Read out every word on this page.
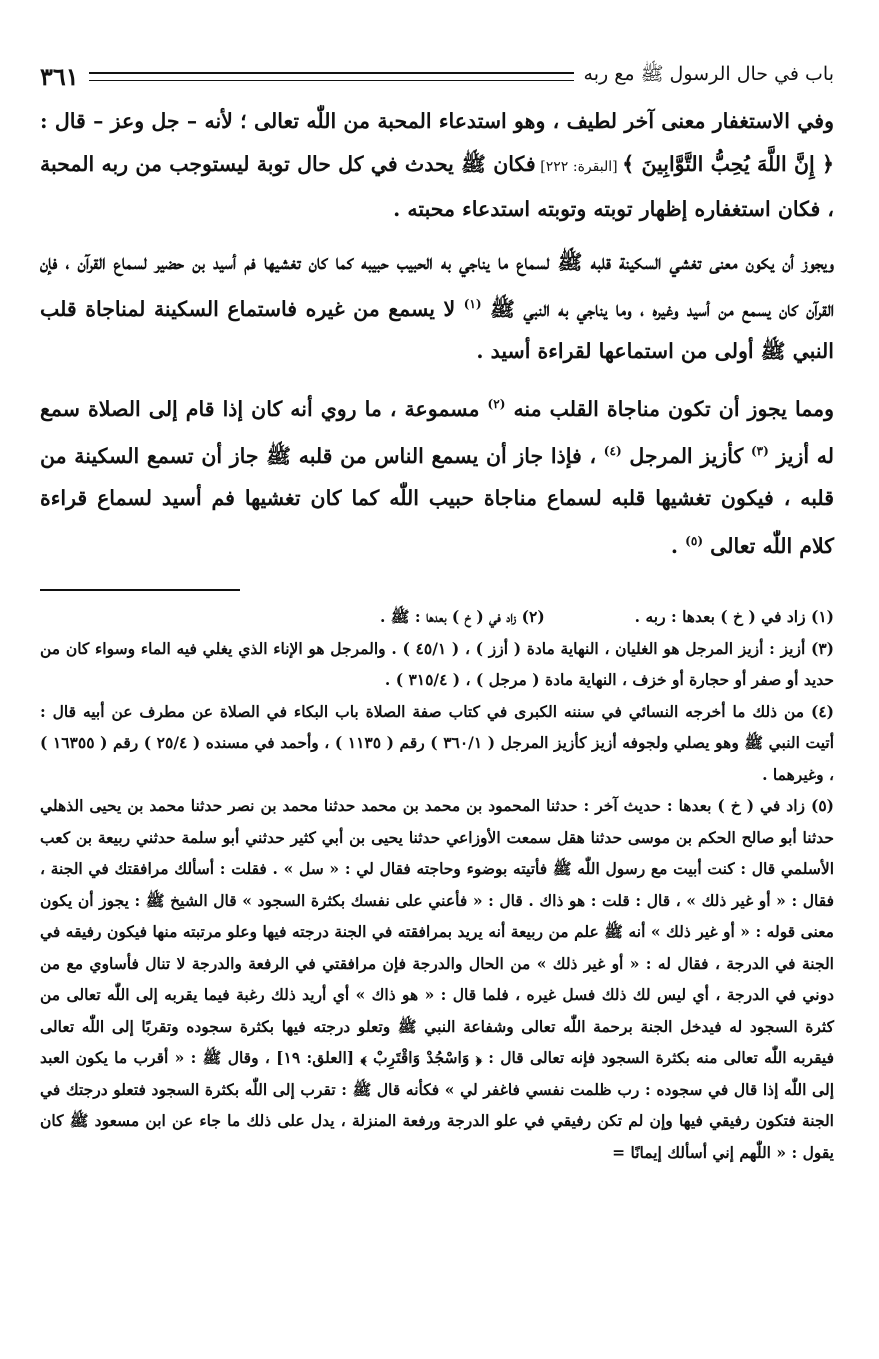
باب في حال الرسول ﷺ مع ربه
٣٦١

وفي الاستغفار معنى آخر لطيف ، وهو استدعاء المحبة من اللّٰه تعالى ؛ لأنه – جل وعز – قال : ﴿ إِنَّ اللَّهَ يُحِبُّ التَّوَّابِينَ ﴾ [البقرة: ٢٢٢] فكان ﷺ يحدث في كل حال توبة ليستوجب من ربه المحبة ، فكان استغفاره إظهار توبته وتوبته استدعاء محبته .

ويجوز أن يكون معنى تغشي السكينة قلبه ﷺ لسماع ما يناجي به الحبيب حبيبه كما كان تغشيها فم أسيد بن حضير لسماع القرآن ، فإن القرآن كان يسمع من أسيد وغيره ، وما يناجي به النبي ﷺ $^{(١)}$ لا يسمع من غيره فاستماع السكينة لمناجاة قلب النبي ﷺ أولى من استماعها لقراءة أسيد .

ومما يجوز أن تكون مناجاة القلب منه $^{(٢)}$ مسموعة ، ما روي أنه كان إذا قام إلى الصلاة سمع له أزيز $^{(٣)}$ كأزيز المرجل $^{(٤)}$ ، فإذا جاز أن يسمع الناس من قلبه ﷺ جاز أن تسمع السكينة من قلبه ، فيكون تغشيها قلبه لسماع مناجاة حبيب اللّٰه كما كان تغشيها فم أسيد لسماع قراءة كلام اللّٰه تعالى $^{(٥)}$ .

(١) زاد في ( خ ) بعدها : ربه .
(٢) زاد في ( خ ) بعدها : ﷺ .

(٣) أزيز : أزيز المرجل هو الغليان ، النهاية مادة ( أزز ) ، ( ٤٥/١ ) . والمرجل هو الإناء الذي يغلي فيه الماء وسواء كان من حديد أو صفر أو حجارة أو خزف ، النهاية مادة ( مرجل ) ، ( ٣١٥/٤ ) .

(٤) من ذلك ما أخرجه النسائي في سننه الكبرى في كتاب صفة الصلاة باب البكاء في الصلاة عن مطرف عن أبيه قال : أتيت النبي ﷺ وهو يصلي ولجوفه أزيز كأزيز المرجل ( ٣٦٠/١ ) رقم ( ١١٣٥ ) ، وأحمد في مسنده ( ٢٥/٤ ) رقم ( ١٦٣٥٥ ) ، وغيرهما .

(٥) زاد في ( خ ) بعدها : حديث آخر : حدثنا المحمود بن محمد بن محمد حدثنا محمد بن نصر حدثنا محمد بن يحيى الذهلي حدثنا أبو صالح الحكم بن موسى حدثنا هقل سمعت الأوزاعي حدثنا يحيى بن أبي كثير حدثني أبو سلمة حدثني ربيعة بن كعب الأسلمي قال : كنت أبيت مع رسول اللّٰه ﷺ فأتيته بوضوء وحاجته فقال لي : « سل » . فقلت : أسألك مرافقتك في الجنة ، فقال : « أو غير ذلك » ، قال : قلت : هو ذاك . قال : « فأعني على نفسك بكثرة السجود » قال الشيخ ﷺ : يجوز أن يكون معنى قوله : « أو غير ذلك » أنه ﷺ علم من ربيعة أنه يريد بمرافقته في الجنة درجته فيها وعلو مرتبته منها فيكون رفيقه في الجنة في الدرجة ، فقال له : « أو غير ذلك » من الحال والدرجة فإن مرافقتي في الرفعة والدرجة لا تنال فأساوي مع من دوني في الدرجة ، أي ليس لك ذلك فسل غيره ، فلما قال : « هو ذاك » أي أريد ذلك رغبة فيما يقربه إلى اللّٰه تعالى من كثرة السجود له فيدخل الجنة برحمة اللّٰه تعالى وشفاعة النبي ﷺ وتعلو درجته فيها بكثرة سجوده وتقربًا إلى اللّٰه تعالى فيقربه اللّٰه تعالى منه بكثرة السجود فإنه تعالى قال : ﴿ وَاسْجُدْ وَاقْتَرِبْ ﴾ [العلق: ١٩] ، وقال ﷺ : « أقرب ما يكون العبد إلى اللّٰه إذا قال في سجوده : رب ظلمت نفسي فاغفر لي » فكأنه قال ﷺ : تقرب إلى اللّٰه بكثرة السجود فتعلو درجتك في الجنة فتكون رفيقي فيها وإن لم تكن رفيقي في علو الدرجة ورفعة المنزلة ، يدل على ذلك ما جاء عن ابن مسعود ﷺ كان يقول : « اللّٰهم إني أسألك إيمانًا =
